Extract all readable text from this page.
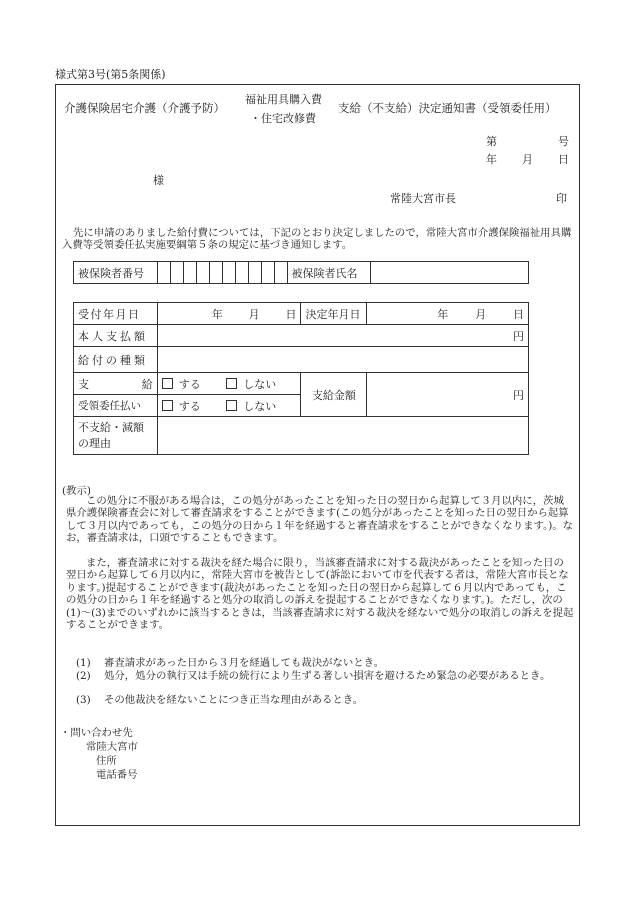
様式第3号(第5条関係)
介護保険居宅介護（介護予防）
福祉用具購入費
・住宅改修費
支給（不支給）決定通知書（受領委任用）
第	号
年 月 日
様
常陸大宮市長	印
先に申請のありました給付費については，下記のとおり決定しましたので，常陸大宮市介護保険福祉用具購入費等受領委任払実施要綱第５条の規定に基づき通知します。
被保険者番号											被保険者氏名	
受付年月日	年 月 日	決定年月日	年 月 日

本人支払額	円		
給付の種類			

支 給	する しない	支給金額	円
受領委任払い	する しない		

不支給・減額
の理由			

(教示)
この処分に不服がある場合は，この処分があったことを知った日の翌日から起算して３月以内に，茨城県介護保険審査会に対して審査請求をすることができます(この処分があったことを知った日の翌日から起算して３月以内であっても，この処分の日から１年を経過すると審査請求をすることができなくなります。)。なお，審査請求は，口頭ですることもできます。
また，審査請求に対する裁決を経た場合に限り，当該審査請求に対する裁決があったことを知った日の翌日から起算して６月以内に，常陸大宮市を被告として(訴訟において市を代表する者は，常陸大宮市長となります。)提起することができます(裁決があったことを知った日の翌日から起算して６月以内であっても，この処分の日から１年を経過すると処分の取消しの訴えを提起することができなくなります。)。ただし，次の(1)～(3)までのいずれかに該当するときは，当該審査請求に対する裁決を経ないで処分の取消しの訴えを提起することができます。
(1) 審査請求があった日から３月を経過しても裁決がないとき。
(2) 処分，処分の執行又は手続の続行により生ずる著しい損害を避けるため緊急の必要があるとき。
(3) その他裁決を経ないことにつき正当な理由があるとき。
・問い合わせ先
常陸大宮市
住所
電話番号
